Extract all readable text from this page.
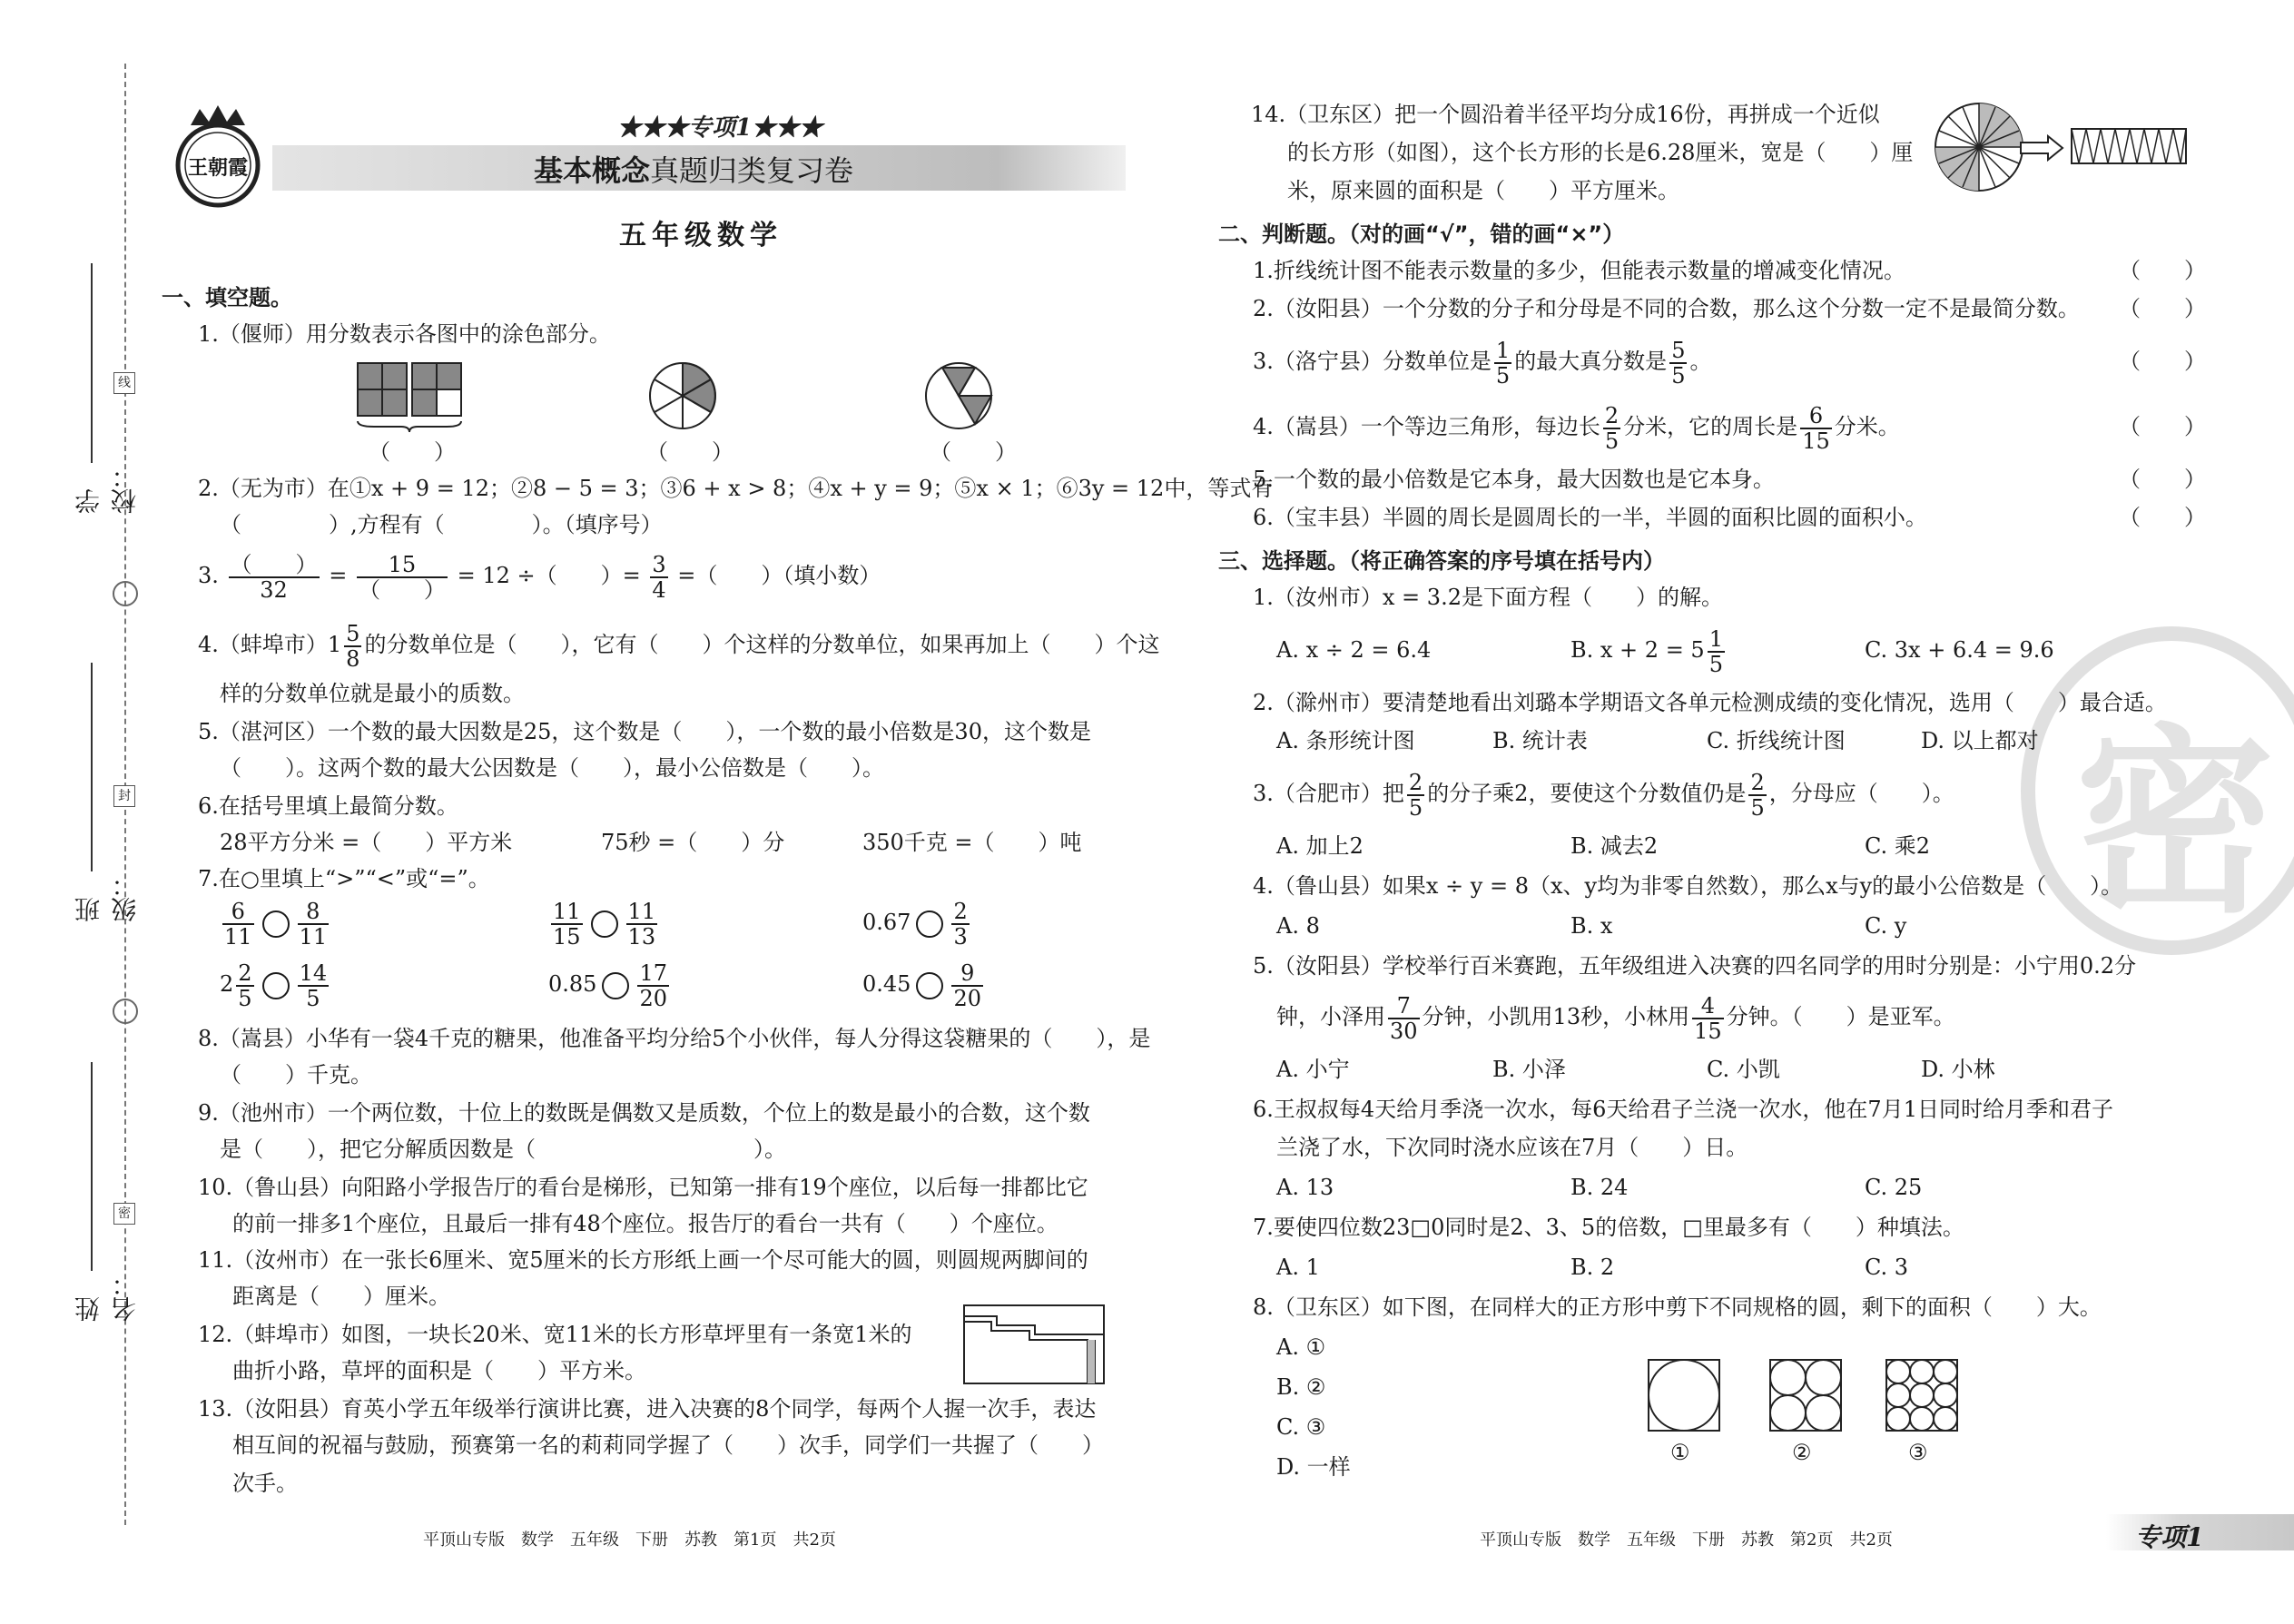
学校：
班级：
姓名：
线
封
密
王朝霞
★★★专项1★★★
基本概念真题归类复习卷
五年级数学
一、填空题。
1.（偃师）用分数表示各图中的涂色部分。
（　　）	（　　）	（　　）
2.（无为市）在①x + 9 = 12；②8 − 5 = 3；③6 + x > 8；④x + y = 9；⑤x × 1；⑥3y = 12中，等式有
（　　　　）,方程有（　　　　）。（填序号）
3. $\frac{( )}{32} = \frac{15}{( )} = 12$ ÷（　　）= $\frac{3}{4}$ =（　　）（填小数）
4.（蚌埠市）$1 \frac{5}{8}$ 的分数单位是（　　），它有（　　）个这样的分数单位，如果再加上（　　）个这
样的分数单位就是最小的质数。
5.（湛河区）一个数的最大因数是25，这个数是（　　），一个数的最小倍数是30，这个数是
（　　）。这两个数的最大公因数是（　　），最小公倍数是（　　）。
6.在括号里填上最简分数。
28平方分米 =（　　）平方米	75秒 =（　　）分	350千克 =（　　）吨
7.在○里填上“>”“<”或“=”。
$\frac{6}{11} \frac{8}{11}$	$\frac{11}{15} \frac{11}{13}$	$0.67 \frac{2}{3}$
$2 \frac{2}{5} \frac{14}{5}$	$0.85 \frac{17}{20}$	$0.45 \frac{9}{20}$
8.（嵩县）小华有一袋4千克的糖果，他准备平均分给5个小伙伴，每人分得这袋糖果的（　　），是
（　　）千克。
9.（池州市）一个两位数，十位上的数既是偶数又是质数，个位上的数是最小的合数，这个数
是（　　），把它分解质因数是（　　　　　　　　　　）。
10.（鲁山县）向阳路小学报告厅的看台是梯形，已知第一排有19个座位，以后每一排都比它
的前一排多1个座位，且最后一排有48个座位。报告厅的看台一共有（　　）个座位。
11.（汝州市）在一张长6厘米、宽5厘米的长方形纸上画一个尽可能大的圆，则圆规两脚间的
距离是（　　）厘米。
12.（蚌埠市）如图，一块长20米、宽11米的长方形草坪里有一条宽1米的
曲折小路，草坪的面积是（　　）平方米。
13.（汝阳县）育英小学五年级举行演讲比赛，进入决赛的8个同学，每两个人握一次手，表达
相互间的祝福与鼓励，预赛第一名的莉莉同学握了（　　）次手，同学们一共握了（　　）
次手。
平顶山专版　数学　五年级　下册　苏教　第1页　共2页
14.（卫东区）把一个圆沿着半径平均分成16份，再拼成一个近似
的长方形（如图），这个长方形的长是6.28厘米，宽是（　　）厘
米，原来圆的面积是（　　）平方厘米。
二、判断题。（对的画“√”，错的画“×”）
1.折线统计图不能表示数量的多少，但能表示数量的增减变化情况。
2.（汝阳县）一个分数的分子和分母是不同的合数，那么这个分数一定不是最简分数。
3.（洛宁县）分数单位是 $\frac{1}{5}$ 的最大真分数是 $\frac{5}{5}$ 。
4.（嵩县）一个等边三角形，每边长 $\frac{2}{5}$ 分米，它的周长是 $\frac{6}{15}$ 分米。
5.一个数的最小倍数是它本身，最大因数也是它本身。
6.（宝丰县）半圆的周长是圆周长的一半，半圆的面积比圆的面积小。
（　　）
（　　）
（　　）
（　　）
（　　）
（　　）
密
三、选择题。（将正确答案的序号填在括号内）
1.（汝州市）x = 3.2是下面方程（　　）的解。
A. x ÷ 2 = 6.4	B. $x + 2 = 5 \frac{1}{5}$	C. 3x + 6.4 = 9.6
2.（滁州市）要清楚地看出刘璐本学期语文各单元检测成绩的变化情况，选用（　　）最合适。
A. 条形统计图	B. 统计表	C. 折线统计图	D. 以上都对
3.（合肥市）把 $\frac{2}{5}$ 的分子乘2，要使这个分数值仍是 $\frac{2}{5}$ ，分母应（　　）。
A. 加上2	B. 减去2	C. 乘2
4.（鲁山县）如果x ÷ y = 8（x、y均为非零自然数），那么x与y的最小公倍数是（　　）。
A. 8	B. x	C. y
5.（汝阳县）学校举行百米赛跑，五年级组进入决赛的四名同学的用时分别是：小宁用0.2分
钟，小泽用 $\frac{7}{30}$ 分钟，小凯用13秒，小林用 $\frac{4}{15}$ 分钟。（　　）是亚军。
A. 小宁	B. 小泽	C. 小凯	D. 小林
6.王叔叔每4天给月季浇一次水，每6天给君子兰浇一次水，他在7月1日同时给月季和君子
兰浇了水，下次同时浇水应该在7月（　　）日。
A. 13	B. 24	C. 25
7.要使四位数23□0同时是2、3、5的倍数，□里最多有（　　）种填法。
A. 1	B. 2	C. 3
8.（卫东区）如下图，在同样大的正方形中剪下不同规格的圆，剩下的面积（　　）大。
A. ①
B. ②
C. ③
D. 一样
①	②	③
平顶山专版　数学　五年级　下册　苏教　第2页　共2页	专项1
